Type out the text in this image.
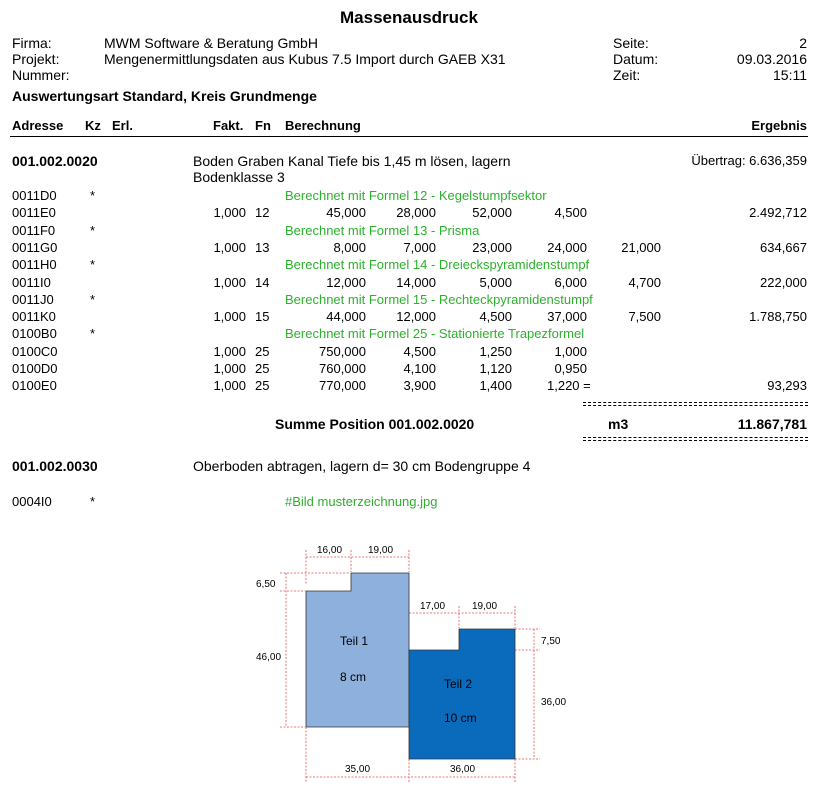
Massenausdruck
Firma:	MWM Software & Beratung GmbH
Projekt:	Mengenermittlungsdaten aus Kubus 7.5 Import durch GAEB X31
Nummer:
Seite:	2
Datum:	09.03.2016
Zeit:	15:11
Auswertungsart Standard, Kreis Grundmenge
Adresse Kz Erl.	Fakt. Fn Berechnung	Ergebnis
001.002.0020	Boden Graben Kanal Tiefe bis 1,45 m lösen, lagern
Bodenklasse 3
Übertrag: 6.636,359
0011D0	*	Berechnet mit Formel 12 - Kegelstumpfsektor
0011E0	1,000 12	45,000	28,000	52,000	4,500	2.492,712
0011F0	*	Berechnet mit Formel 13 - Prisma
0011G0	1,000 13	8,000	7,000	23,000	24,000	21,000	634,667
0011H0	*	Berechnet mit Formel 14 - Dreieckspyramidenstumpf
0011I0	1,000 14	12,000	14,000	5,000	6,000	4,700	222,000
0011J0	*	Berechnet mit Formel 15 - Rechteckpyramidenstumpf
0011K0	1,000 15	44,000	12,000	4,500	37,000	7,500	1.788,750
0100B0	*	Berechnet mit Formel 25 - Stationierte Trapezformel
0100C0	1,000 25	750,000	4,500	1,250	1,000
0100D0	1,000 25	760,000	4,100	1,120	0,950
0100E0	1,000 25	770,000	3,900	1,400	1,220 =	93,293
Summe Position 001.002.0020	m3	11.867,781
001.002.0030	Oberboden abtragen, lagern d= 30 cm Bodengruppe 4
0004I0	*	#Bild musterzeichnung.jpg
Teil 1
8 cm	Teil 2
10 cm
16,00	19,00
17,00	19,00
6,50
46,00
7,50
36,00
35,00	36,00
